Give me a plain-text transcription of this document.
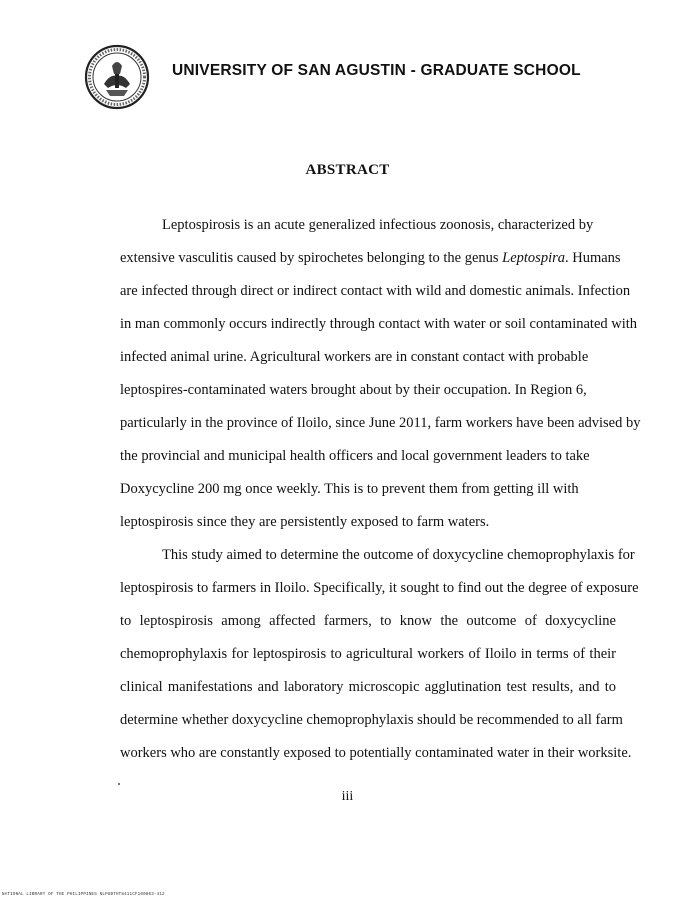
UNIVERSITY OF SAN AGUSTIN - GRADUATE SCHOOL
ABSTRACT
Leptospirosis is an acute generalized infectious zoonosis, characterized by
extensive vasculitis caused by spirochetes belonging to the genus Leptospira. Humans
are infected through direct or indirect contact with wild and domestic animals. Infection
in man commonly occurs indirectly through contact with water or soil contaminated with
infected animal urine. Agricultural workers are in constant contact with probable
leptospires-contaminated waters brought about by their occupation. In Region 6,
particularly in the province of Iloilo, since June 2011, farm workers have been advised by
the provincial and municipal health officers and local government leaders to take
Doxycycline 200 mg once weekly. This is to prevent them from getting ill with
leptospirosis since they are persistently exposed to farm waters.
This study aimed to determine the outcome of doxycycline chemoprophylaxis for
leptospirosis to farmers in Iloilo. Specifically, it sought to find out the degree of exposure
to leptospirosis among affected farmers, to know the outcome of doxycycline
chemoprophylaxis for leptospirosis to agricultural workers of Iloilo in terms of their
clinical manifestations and laboratory microscopic agglutination test results, and to
determine whether doxycycline chemoprophylaxis should be recommended to all farm
workers who are constantly exposed to potentially contaminated water in their worksite.
iii
NATIONAL LIBRARY OF THE PHILIPPINES NLPUBTHT8411CF100803-412
